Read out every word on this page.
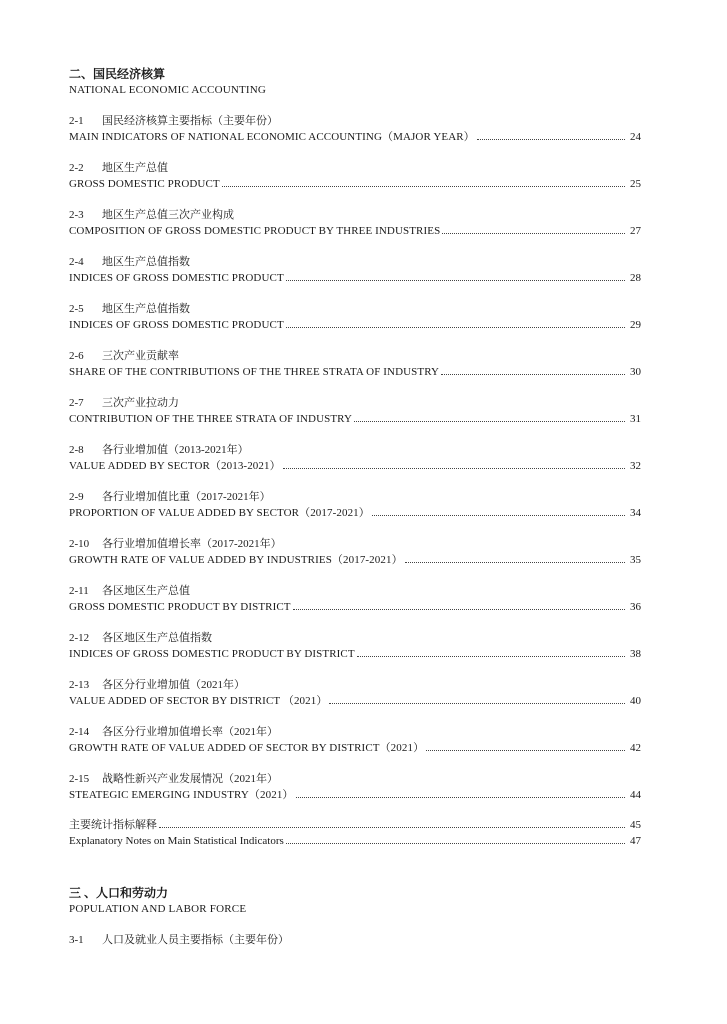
二、国民经济核算

NATIONAL ECONOMIC ACCOUNTING

2-1 国民经济核算主要指标（主要年份）
MAIN INDICATORS OF NATIONAL ECONOMIC ACCOUNTING（MAJOR YEAR）	24
2-2 地区生产总值
GROSS DOMESTIC PRODUCT	25
2-3 地区生产总值三次产业构成
COMPOSITION OF GROSS DOMESTIC PRODUCT BY THREE INDUSTRIES	27
2-4 地区生产总值指数
INDICES OF GROSS DOMESTIC PRODUCT	28
2-5 地区生产总值指数
INDICES OF GROSS DOMESTIC PRODUCT	29
2-6 三次产业贡献率
SHARE OF THE CONTRIBUTIONS OF THE THREE STRATA OF INDUSTRY	30
2-7 三次产业拉动力
CONTRIBUTION OF THE THREE STRATA OF INDUSTRY	31
2-8 各行业增加值（2013-2021年）
VALUE ADDED BY SECTOR（2013-2021）	32
2-9 各行业增加值比重（2017-2021年）
PROPORTION OF VALUE ADDED BY SECTOR（2017-2021）	34
2-10 各行业增加值增长率（2017-2021年）
GROWTH RATE OF VALUE ADDED BY INDUSTRIES（2017-2021）	35
2-11 各区地区生产总值
GROSS DOMESTIC PRODUCT BY DISTRICT	36
2-12 各区地区生产总值指数
INDICES OF GROSS DOMESTIC PRODUCT BY DISTRICT	38
2-13 各区分行业增加值（2021年）
VALUE ADDED OF SECTOR BY DISTRICT （2021）	40
2-14 各区分行业增加值增长率（2021年）
GROWTH RATE OF VALUE ADDED OF SECTOR BY DISTRICT（2021）	42
2-15 战略性新兴产业发展情况（2021年）
STEATEGIC EMERGING INDUSTRY（2021）	44
主要统计指标解释	45
Explanatory Notes on Main Statistical Indicators	47

三 、人口和劳动力

POPULATION AND LABOR FORCE

3-1 人口及就业人员主要指标（主要年份）
